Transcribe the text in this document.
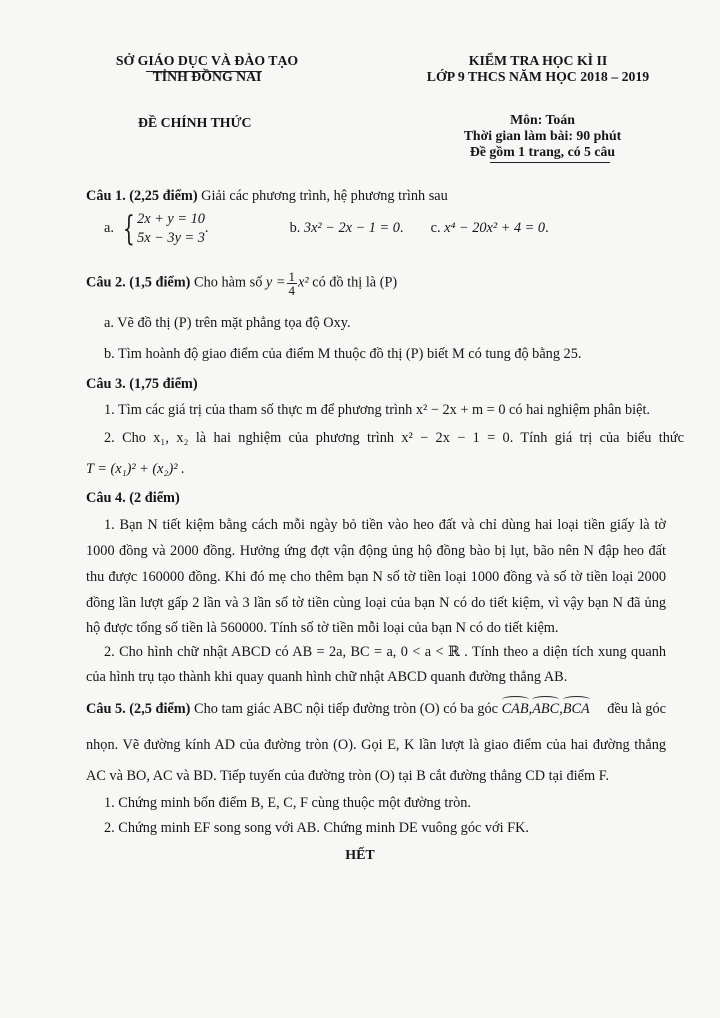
SỞ GIÁO DỤC VÀ ĐÀO TẠO
TỈNH ĐỒNG NAI
KIỂM TRA HỌC KÌ II
LỚP 9 THCS NĂM HỌC 2018 – 2019
ĐỀ CHÍNH THỨC	Môn: Toán
Thời gian làm bài: 90 phút
Đề gồm 1 trang, có 5 câu
Câu 1. (2,25 điểm) Giải các phương trình, hệ phương trình sau
a. { 2x + y = 10
5x − 3y = 3
.	b. 3x² − 2x − 1 = 0. c. x⁴ − 20x² + 4 = 0.
Câu 2. (1,5 điểm) Cho hàm số $y = \frac{1}{4} x^2$ có đồ thị là (P)
a. Vẽ đồ thị (P) trên mặt phẳng tọa độ Oxy.
b. Tìm hoành độ giao điểm của điểm M thuộc đồ thị (P) biết M có tung độ bằng 25.
Câu 3. (1,75 điểm)
1. Tìm các giá trị của tham số thực m để phương trình x² − 2x + m = 0 có hai nghiệm phân biệt.
2. Cho x₁, x₂ là hai nghiệm của phương trình x² − 2x − 1 = 0. Tính giá trị của biểu thức
T = (x₁)² + (x₂)² .
Câu 4. (2 điểm)
1. Bạn N tiết kiệm bằng cách mỗi ngày bỏ tiền vào heo đất và chỉ dùng hai loại tiền giấy là tờ
1000 đồng và 2000 đồng. Hưởng ứng đợt vận động ủng hộ đồng bào bị lụt, bão nên N đập heo đất
thu được 160000 đồng. Khi đó mẹ cho thêm bạn N số tờ tiền loại 1000 đồng và số tờ tiền loại 2000
đồng lần lượt gấp 2 lần và 3 lần số tờ tiền cùng loại của bạn N có do tiết kiệm, vì vậy bạn N đã ủng
hộ được tổng số tiền là 560000. Tính số tờ tiền mỗi loại của bạn N có do tiết kiệm.
2. Cho hình chữ nhật ABCD có AB = 2a, BC = a, 0 < a < ℝ . Tính theo a diện tích xung quanh
của hình trụ tạo thành khi quay quanh hình chữ nhật ABCD quanh đường thẳng AB.
Câu 5. (2,5 điểm) Cho tam giác ABC nội tiếp đường tròn (O) có ba góc CAB,ABC,BCA đều là góc
nhọn. Vẽ đường kính AD của đường tròn (O). Gọi E, K lần lượt là giao điểm của hai đường thẳng
AC và BO, AC và BD. Tiếp tuyến của đường tròn (O) tại B cắt đường thẳng CD tại điểm F.
1. Chứng minh bốn điểm B, E, C, F cùng thuộc một đường tròn.
2. Chứng minh EF song song với AB. Chứng minh DE vuông góc với FK.
HẾT
